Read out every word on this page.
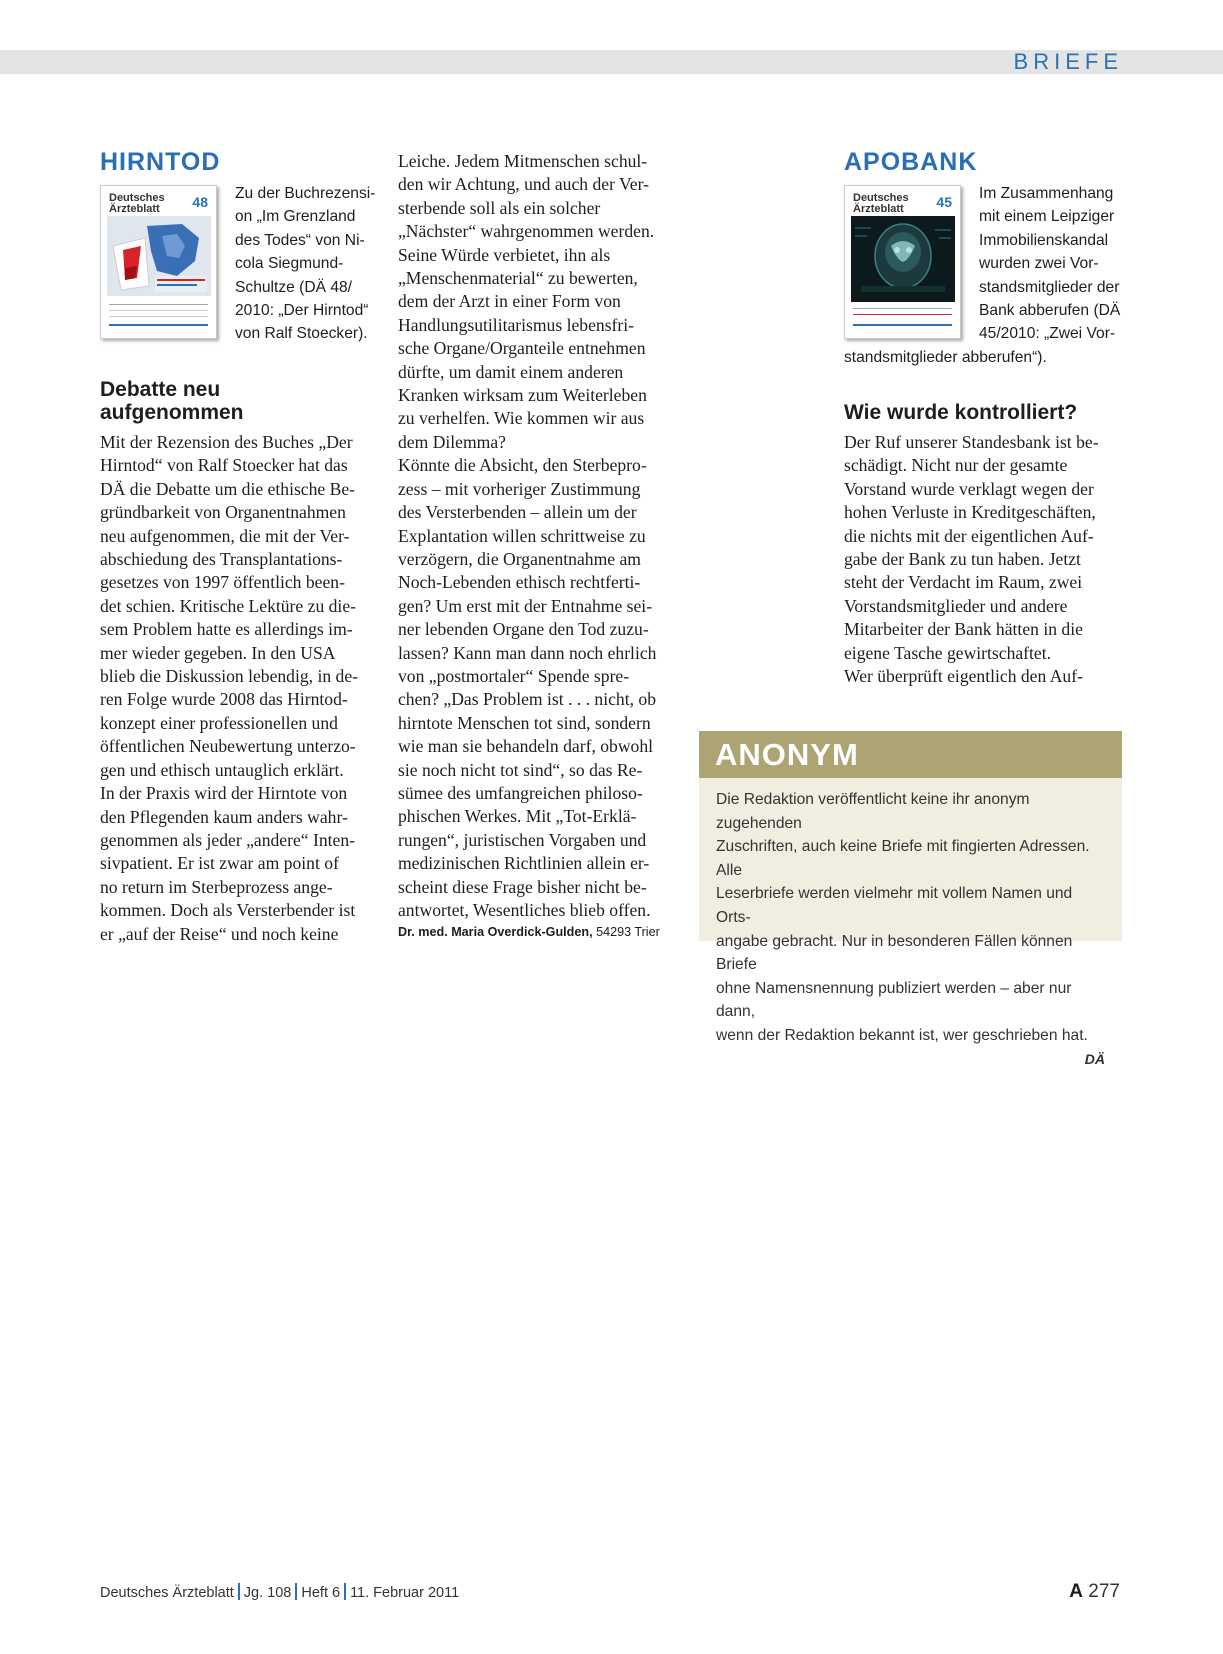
BRIEFE
HIRNTOD
Deutsches Ärzteblatt	48 Zu der Buchrezensi-
on „Im Grenzland
des Todes“ von Ni-
cola Siegmund-
Schultze (DÄ 48/
2010: „Der Hirntod“
von Ralf Stoecker).
Debatte neu
aufgenommen
Mit der Rezension des Buches „Der
Hirntod“ von Ralf Stoecker hat das
DÄ die Debatte um die ethische Be-
gründbarkeit von Organentnahmen
neu aufgenommen, die mit der Ver-
abschiedung des Transplantations-
gesetzes von 1997 öffentlich been-
det schien. Kritische Lektüre zu die-
sem Problem hatte es allerdings im-
mer wieder gegeben. In den USA
blieb die Diskussion lebendig, in de-
ren Folge wurde 2008 das Hirntod-
konzept einer professionellen und
öffentlichen Neubewertung unterzo-
gen und ethisch untauglich erklärt.
In der Praxis wird der Hirntote von
den Pflegenden kaum anders wahr-
genommen als jeder „andere“ Inten-
sivpatient. Er ist zwar am point of
no return im Sterbeprozess ange-
kommen. Doch als Versterbender ist
er „auf der Reise“ und noch keine
Leiche. Jedem Mitmenschen schul-
den wir Achtung, und auch der Ver-
sterbende soll als ein solcher
„Nächster“ wahrgenommen werden.
Seine Würde verbietet, ihn als
„Menschenmaterial“ zu bewerten,
dem der Arzt in einer Form von
Handlungsutilitarismus lebensfri-
sche Organe/Organteile entnehmen
dürfte, um damit einem anderen
Kranken wirksam zum Weiterleben
zu verhelfen. Wie kommen wir aus
dem Dilemma?
Könnte die Absicht, den Sterbepro-
zess – mit vorheriger Zustimmung
des Versterbenden – allein um der
Explantation willen schrittweise zu
verzögern, die Organentnahme am
Noch-Lebenden ethisch rechtferti-
gen? Um erst mit der Entnahme sei-
ner lebenden Organe den Tod zuzu-
lassen? Kann man dann noch ehrlich
von „postmortaler“ Spende spre-
chen? „Das Problem ist . . . nicht, ob
hirntote Menschen tot sind, sondern
wie man sie behandeln darf, obwohl
sie noch nicht tot sind“, so das Re-
sümee des umfangreichen philoso-
phischen Werkes. Mit „Tot-Erklä-
rungen“, juristischen Vorgaben und
medizinischen Richtlinien allein er-
scheint diese Frage bisher nicht be-
antwortet, Wesentliches blieb offen.
Dr. med. Maria Overdick-Gulden, 54293 Trier
APOBANK
Deutsches Ärzteblatt	45 Im Zusammenhang
mit einem Leipziger
Immobilienskandal
wurden zwei Vor-
standsmitglieder der
Bank abberufen (DÄ
45/2010: „Zwei Vor-
standsmitglieder abberufen“).
Wie wurde kontrolliert?
Der Ruf unserer Standesbank ist be-
schädigt. Nicht nur der gesamte
Vorstand wurde verklagt wegen der
hohen Verluste in Kreditgeschäften,
die nichts mit der eigentlichen Auf-
gabe der Bank zu tun haben. Jetzt
steht der Verdacht im Raum, zwei
Vorstandsmitglieder und andere
Mitarbeiter der Bank hätten in die
eigene Tasche gewirtschaftet.
Wer überprüft eigentlich den Auf-
ANONYM
Die Redaktion veröffentlicht keine ihr anonym zugehenden
Zuschriften, auch keine Briefe mit fingierten Adressen. Alle
Leserbriefe werden vielmehr mit vollem Namen und Orts-
angabe gebracht. Nur in besonderen Fällen können Briefe
ohne Namensnennung publiziert werden – aber nur dann,
wenn der Redaktion bekannt ist, wer geschrieben hat.
DÄ
Deutsches Ärzteblatt Jg. 108 Heft 6 11. Februar 2011	A 277
